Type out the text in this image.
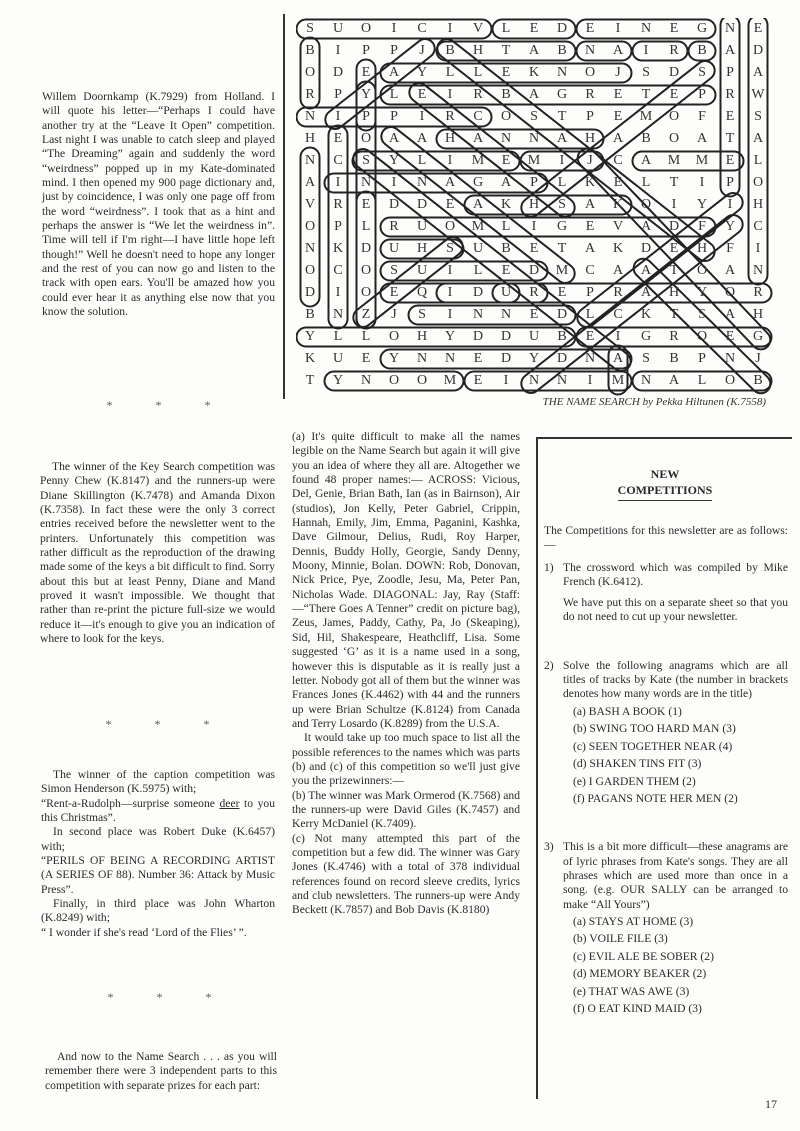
Willem Doornkamp (K.7929) from Holland. I will quote his letter—“Perhaps I could have another try at the “Leave It Open” competition. Last night I was unable to catch sleep and played “The Dreaming” again and suddenly the word “weirdness” popped up in my Kate-dominated mind. I then opened my 900 page dictionary and, just by coincidence, I was only one page off from the word “weirdness”. I took that as a hint and perhaps the answer is “We let the weirdness in”. Time will tell if I'm right—I have little hope left though!” Well he doesn't need to hope any longer and the rest of you can now go and listen to the track with open ears. You'll be amazed how you could ever hear it as anything else now that you know the solution.

* * *

The winner of the Key Search competition was Penny Chew (K.8147) and the runners-up were Diane Skillington (K.7478) and Amanda Dixon (K.7358). In fact these were the only 3 correct entries received before the newsletter went to the printers. Unfortunately this competition was rather difficult as the reproduction of the drawing made some of the keys a bit difficult to find. Sorry about this but at least Penny, Diane and Mand proved it wasn't impossible. We thought that rather than re-print the picture full-size we would reduce it—it's enough to give you an indication of where to look for the keys.

* * *

The winner of the caption competition was Simon Henderson (K.5975) with;

“Rent-a-Rudolph—surprise someone deer to you this Christmas”.

In second place was Robert Duke (K.6457) with;

“PERILS OF BEING A RECORDING ARTIST (A SERIES OF 88). Number 36: Attack by Music Press”.

Finally, in third place was John Wharton (K.8249) with;

“ I wonder if she's read ‘Lord of the Flies’ ”.

* * *

And now to the Name Search . . . as you will remember there were 3 independent parts to this competition with separate prizes for each part:

S	U	O	I	C	I	V	L	E	D	E	I	N	E	G	N	E
B	I	P	P	J	B	H	T	A	B	N	A	I	R	B	A	D
O	D	E	A	Y	L	L	E	K	N	O	J	S	D	S	P	A
R	P	Y	L	E	I	R	B	A	G	R	E	T	E	P	R	W
N	I	P	P	I	R	C	O	S	T	P	E	M	O	F	E	S
H	E	O	A	A	H	A	N	N	A	H	A	B	O	A	T	A
N	C	S	Y	L	I	M	E	M	I	J	C	A	M	M	E	L
A	I	N	I	N	A	G	A	P	L	K	E	L	T	I	P	O
V	R	E	D	D	E	A	K	H	S	A	K	O	I	Y	I	H
O	P	L	R	U	O	M	L	I	G	E	V	A	D	F	Y	C
N	K	D	U	H	S	U	B	E	T	A	K	D	E	H	F	I
O	C	O	S	U	I	L	E	D	M	C	A	A	T	O	A	N
D	I	O	E	Q	I	D	U	R	E	P	R	A	H	Y	O	R
B	N	Z	J	S	I	N	N	E	D	L	C	K	T	S	A	H
Y	L	L	O	H	Y	D	D	U	B	E	I	G	R	O	E	G
K	U	E	Y	N	N	E	D	Y	D	N	A	S	B	P	N	J
T	Y	N	O	O	M	E	I	N	N	I	M	N	A	L	O	B
THE NAME SEARCH by Pekka Hiltunen (K.7558)

(a) It's quite difficult to make all the names legible on the Name Search but again it will give you an idea of where they all are. Altogether we found 48 proper names:— ACROSS: Vicious, Del, Genie, Brian Bath, Ian (as in Bairnson), Air (studios), Jon Kelly, Peter Gabriel, Crippin, Hannah, Emily, Jim, Emma, Paganini, Kashka, Dave Gilmour, Delius, Rudi, Roy Harper, Dennis, Buddy Holly, Georgie, Sandy Denny, Moony, Minnie, Bolan. DOWN: Rob, Donovan, Nick Price, Pye, Zoodle, Jesu, Ma, Peter Pan, Nicholas Wade. DIAGONAL: Jay, Ray (Staff:—“There Goes A Tenner” credit on picture bag), Zeus, James, Paddy, Cathy, Pa, Jo (Skeaping), Sid, Hil, Shakespeare, Heathcliff, Lisa. Some suggested ‘G’ as it is a name used in a song, however this is disputable as it is really just a letter. Nobody got all of them but the winner was Frances Jones (K.4462) with 44 and the runners up were Brian Schultze (K.8124) from Canada and Terry Losardo (K.8289) from the U.S.A.

It would take up too much space to list all the possible references to the names which was parts (b) and (c) of this competition so we'll just give you the prizewinners:—

(b) The winner was Mark Ormerod (K.7568) and the runners-up were David Giles (K.7457) and Kerry McDaniel (K.7409).

(c) Not many attempted this part of the competition but a few did. The winner was Gary Jones (K.4746) with a total of 378 individual references found on record sleeve credits, lyrics and club newsletters. The runners-up were Andy Beckett (K.7857) and Bob Davis (K.8180)

NEW
COMPETITIONS

The Competitions for this newsletter are as follows:—

1) The crossword which was compiled by Mike French (K.6412).
We have put this on a separate sheet so that you do not need to cut up your newsletter.
2) Solve the following anagrams which are all titles of tracks by Kate (the number in brackets denotes how many words are in the title)
(a) BASH A BOOK (1)
(b) SWING TOO HARD MAN (3)
(c) SEEN TOGETHER NEAR (4)
(d) SHAKEN TINS FIT (3)
(e) I GARDEN THEM (2)
(f) PAGANS NOTE HER MEN (2)
3) This is a bit more difficult—these anagrams are of lyric phrases from Kate's songs. They are all phrases which are used more than once in a song. (e.g. OUR SALLY can be arranged to make “All Yours”)
(a) STAYS AT HOME (3)
(b) VOILE FILE (3)
(c) EVIL ALE BE SOBER (2)
(d) MEMORY BEAKER (2)
(e) THAT WAS AWE (3)
(f) O EAT KIND MAID (3)
17
